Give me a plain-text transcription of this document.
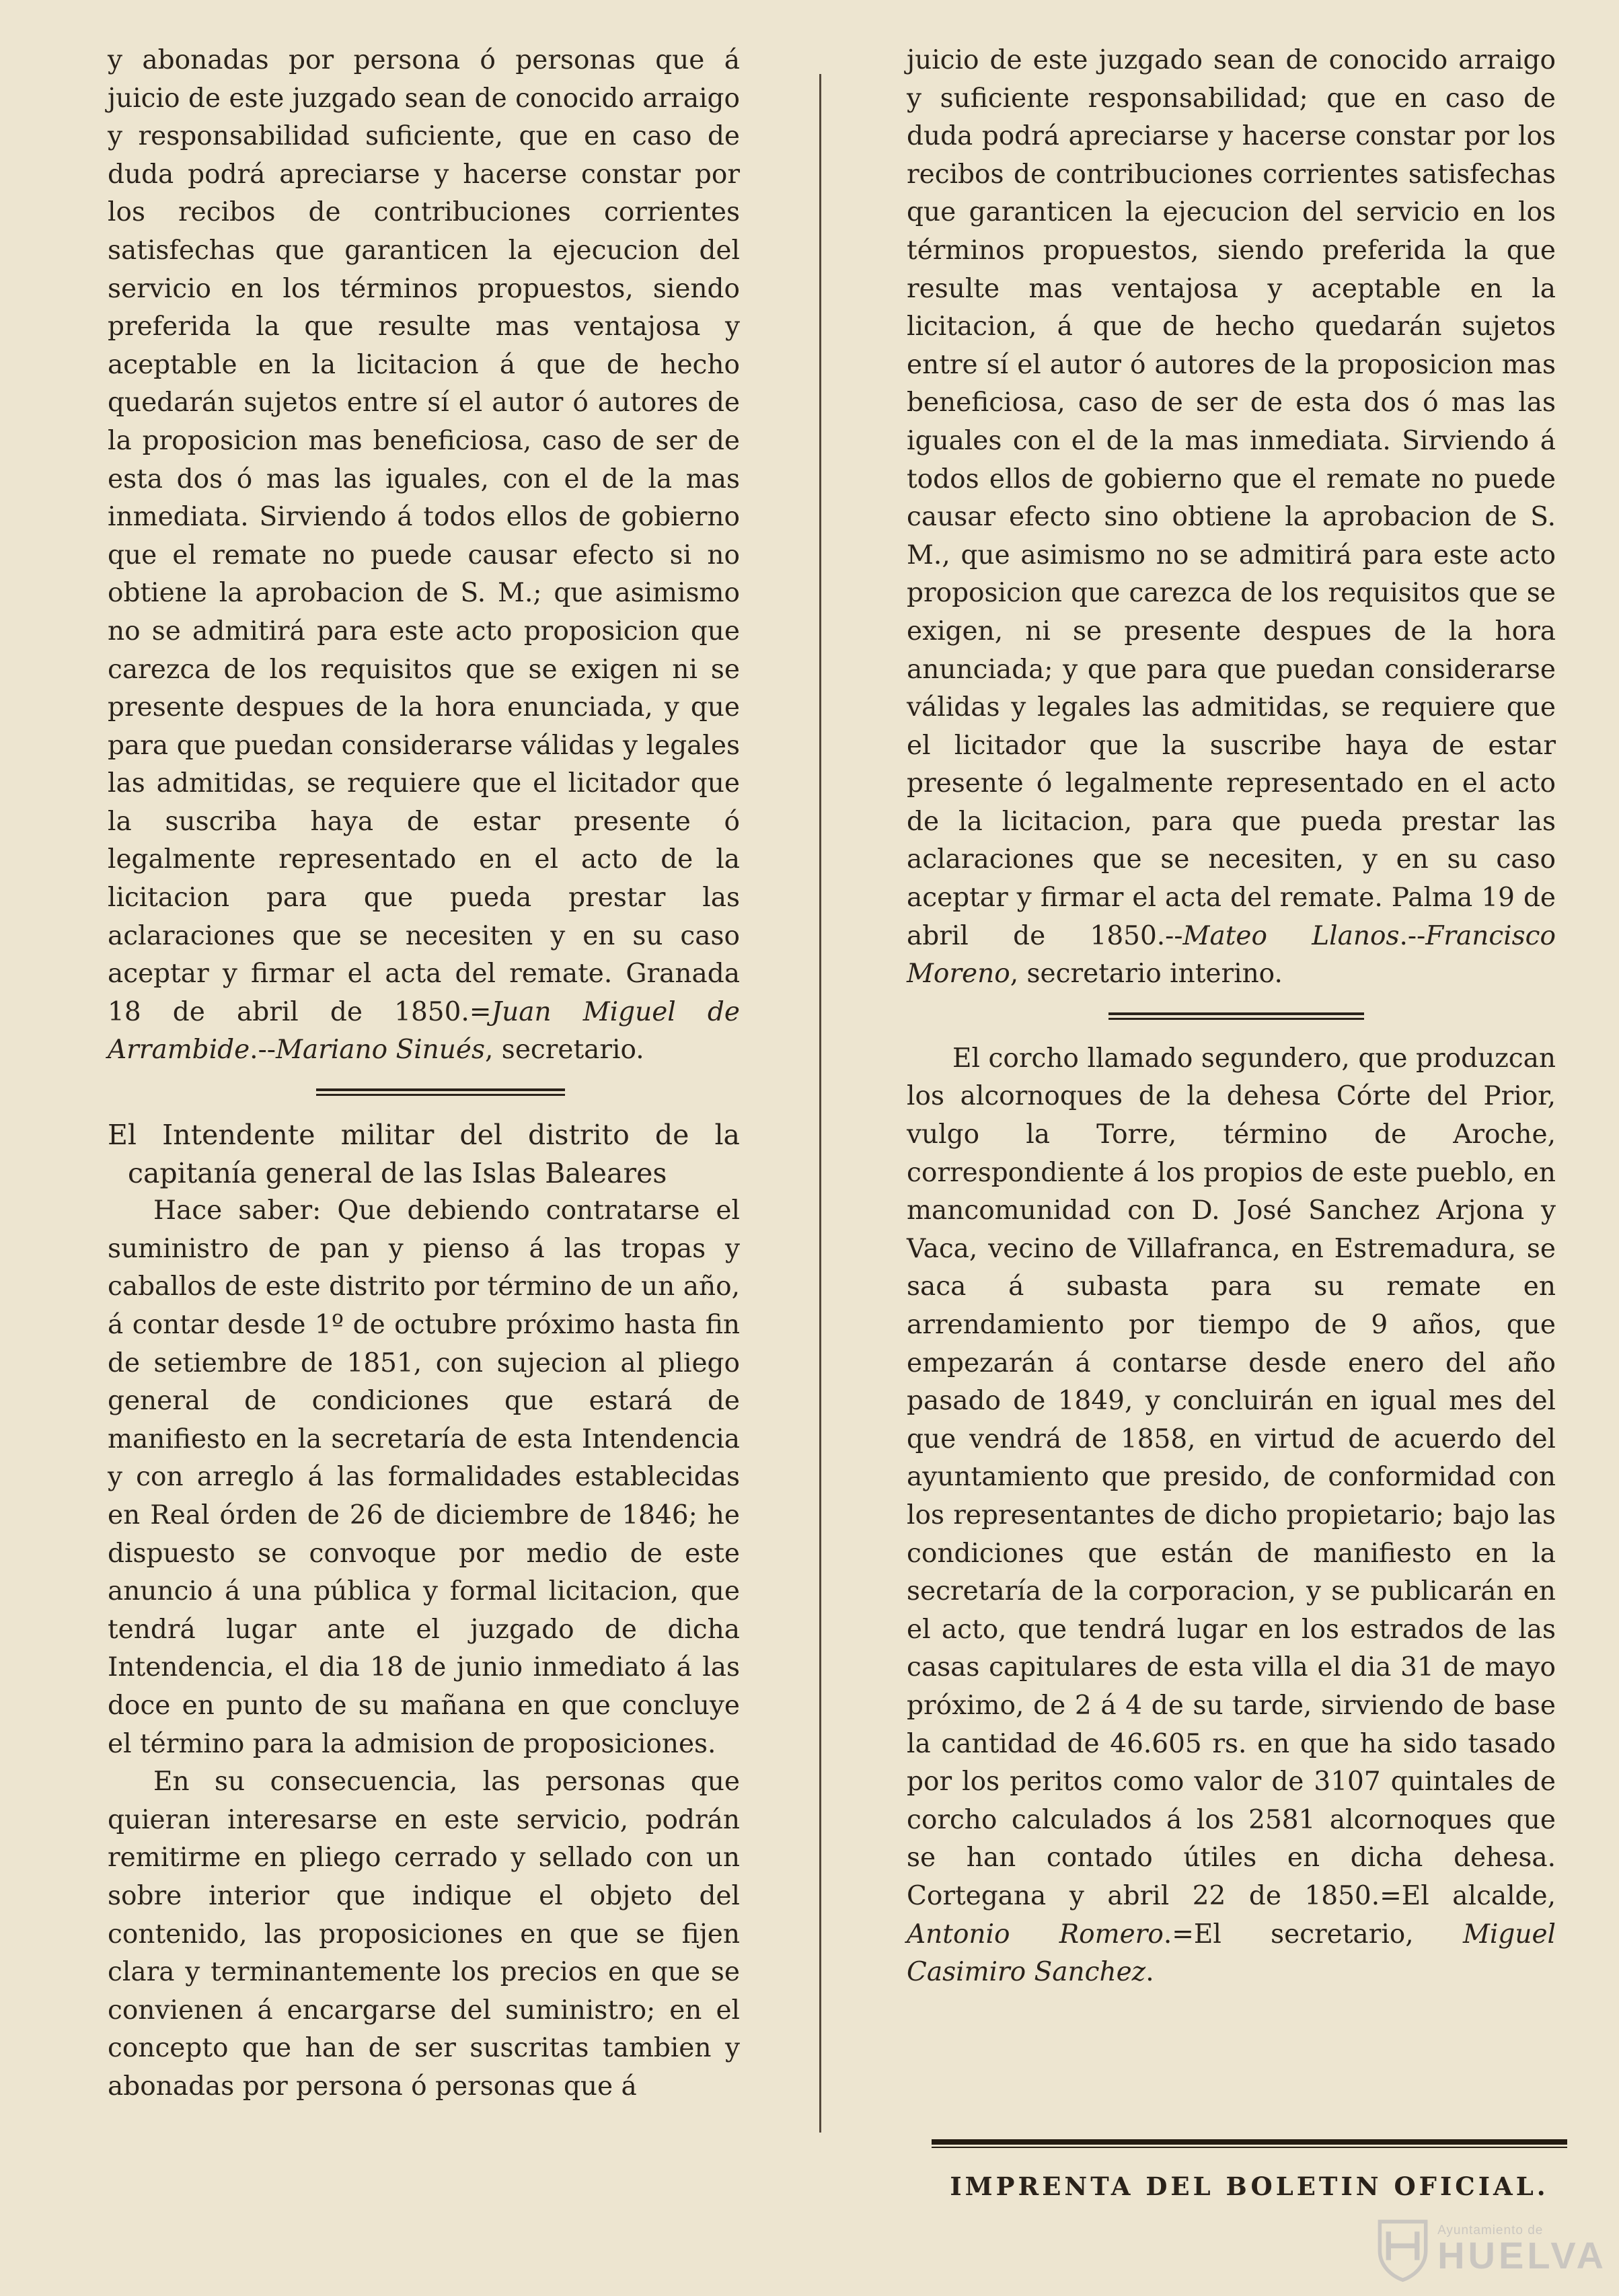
y abonadas por persona ó personas que á juicio de este juzgado sean de conocido arraigo y responsabilidad suficiente, que en caso de duda podrá apreciarse y hacerse constar por los recibos de contribuciones corrientes satisfechas que garanticen la ejecucion del servicio en los términos propuestos, siendo preferida la que resulte mas ventajosa y aceptable en la licitacion á que de hecho quedarán sujetos entre sí el autor ó autores de la proposicion mas beneficiosa, caso de ser de esta dos ó mas las iguales, con el de la mas inmediata. Sirviendo á todos ellos de gobierno que el remate no puede causar efecto si no obtiene la aprobacion de S. M.; que asimismo no se admitirá para este acto proposicion que carezca de los requisitos que se exigen ni se presente despues de la hora enunciada, y que para que puedan considerarse válidas y legales las admitidas, se requiere que el licitador que la suscriba haya de estar presente ó legalmente representado en el acto de la licitacion para que pueda prestar las aclaraciones que se necesiten y en su caso aceptar y firmar el acta del remate. Granada 18 de abril de 1850.=Juan Miguel de Arrambide.--Mariano Sinués, secretario.

El Intendente militar del distrito de la capitanía general de las Islas Baleares

Hace saber: Que debiendo contratarse el suministro de pan y pienso á las tropas y caballos de este distrito por término de un año, á contar desde 1º de octubre próximo hasta fin de setiembre de 1851, con sujecion al pliego general de condiciones que estará de manifiesto en la secretaría de esta Intendencia y con arreglo á las formalidades establecidas en Real órden de 26 de diciembre de 1846; he dispuesto se convoque por medio de este anuncio á una pública y formal licitacion, que tendrá lugar ante el juzgado de dicha Intendencia, el dia 18 de junio inmediato á las doce en punto de su mañana en que concluye el término para la admision de proposiciones.

En su consecuencia, las personas que quieran interesarse en este servicio, podrán remitirme en pliego cerrado y sellado con un sobre interior que indique el objeto del contenido, las proposiciones en que se fijen clara y terminantemente los precios en que se convienen á encargarse del suministro; en el concepto que han de ser suscritas tambien y abonadas por persona ó personas que á

juicio de este juzgado sean de conocido arraigo y suficiente responsabilidad; que en caso de duda podrá apreciarse y hacerse constar por los recibos de contribuciones corrientes satisfechas que garanticen la ejecucion del servicio en los términos propuestos, siendo preferida la que resulte mas ventajosa y aceptable en la licitacion, á que de hecho quedarán sujetos entre sí el autor ó autores de la proposicion mas beneficiosa, caso de ser de esta dos ó mas las iguales con el de la mas inmediata. Sirviendo á todos ellos de gobierno que el remate no puede causar efecto sino obtiene la aprobacion de S. M., que asimismo no se admitirá para este acto proposicion que carezca de los requisitos que se exigen, ni se presente despues de la hora anunciada; y que para que puedan considerarse válidas y legales las admitidas, se requiere que el licitador que la suscribe haya de estar presente ó legalmente representado en el acto de la licitacion, para que pueda prestar las aclaraciones que se necesiten, y en su caso aceptar y firmar el acta del remate. Palma 19 de abril de 1850.--Mateo Llanos.--Francisco Moreno, secretario interino.

El corcho llamado segundero, que produzcan los alcornoques de la dehesa Córte del Prior, vulgo la Torre, término de Aroche, correspondiente á los propios de este pueblo, en mancomunidad con D. José Sanchez Arjona y Vaca, vecino de Villafranca, en Estremadura, se saca á subasta para su remate en arrendamiento por tiempo de 9 años, que empezarán á contarse desde enero del año pasado de 1849, y concluirán en igual mes del que vendrá de 1858, en virtud de acuerdo del ayuntamiento que presido, de conformidad con los representantes de dicho propietario; bajo las condiciones que están de manifiesto en la secretaría de la corporacion, y se publicarán en el acto, que tendrá lugar en los estrados de las casas capitulares de esta villa el dia 31 de mayo próximo, de 2 á 4 de su tarde, sirviendo de base la cantidad de 46.605 rs. en que ha sido tasado por los peritos como valor de 3107 quintales de corcho calculados á los 2581 alcornoques que se han contado útiles en dicha dehesa. Cortegana y abril 22 de 1850.=El alcalde, Antonio Romero.=El secretario, Miguel Casimiro Sanchez.

IMPRENTA DEL BOLETIN OFICIAL.
Ayuntamiento de
HUELVA
